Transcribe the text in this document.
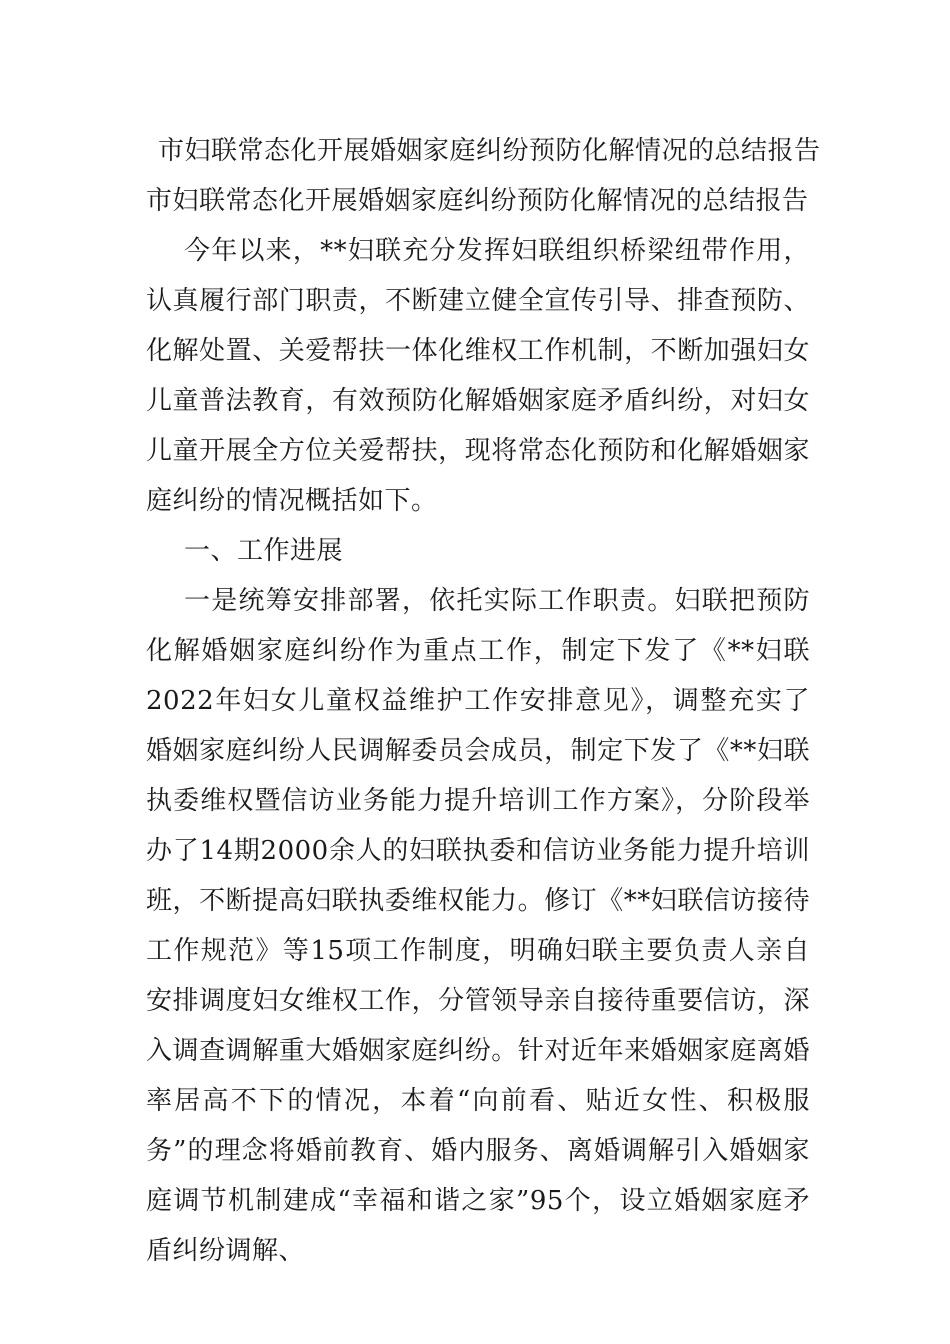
市妇联常态化开展婚姻家庭纠纷预防化解情况的总结报告

市妇联常态化开展婚姻家庭纠纷预防化解情况的总结报告

今年以来，**妇联充分发挥妇联组织桥梁纽带作用，认真履行部门职责，不断建立健全宣传引导、排查预防、化解处置、关爱帮扶一体化维权工作机制，不断加强妇女儿童普法教育，有效预防化解婚姻家庭矛盾纠纷，对妇女儿童开展全方位关爱帮扶，现将常态化预防和化解婚姻家庭纠纷的情况概括如下。

一、工作进展

一是统筹安排部署，依托实际工作职责。妇联把预防化解婚姻家庭纠纷作为重点工作，制定下发了《**妇联2022年妇女儿童权益维护工作安排意见》，调整充实了婚姻家庭纠纷人民调解委员会成员，制定下发了《**妇联执委维权暨信访业务能力提升培训工作方案》，分阶段举办了14期2000余人的妇联执委和信访业务能力提升培训班，不断提高妇联执委维权能力。修订《**妇联信访接待工作规范》等15项工作制度，明确妇联主要负责人亲自安排调度妇女维权工作，分管领导亲自接待重要信访，深入调查调解重大婚姻家庭纠纷。针对近年来婚姻家庭离婚率居高不下的情况，本着“向前看、贴近女性、积极服务”的理念将婚前教育、婚内服务、离婚调解引入婚姻家庭调节机制建成“幸福和谐之家”95个，设立婚姻家庭矛盾纠纷调解、
